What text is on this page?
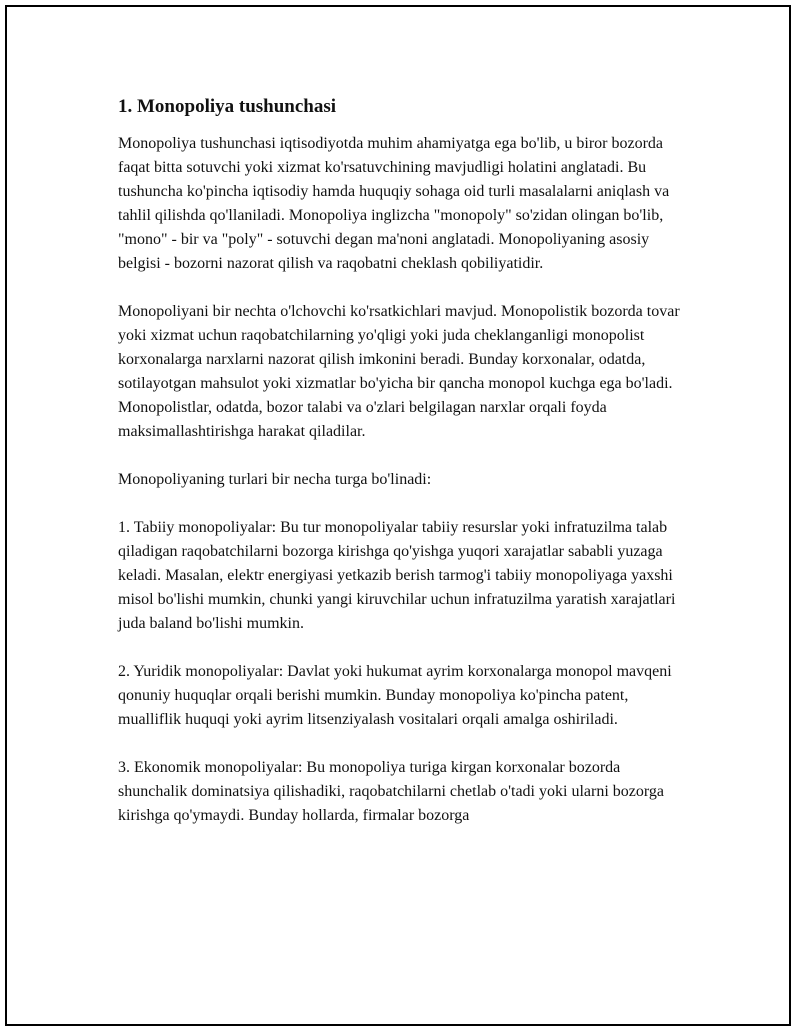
1. Monopoliya tushunchasi

Monopoliya tushunchasi iqtisodiyotda muhim ahamiyatga ega bo'lib, u biror bozorda faqat bitta sotuvchi yoki xizmat ko'rsatuvchining mavjudligi holatini anglatadi. Bu tushuncha ko'pincha iqtisodiy hamda huquqiy sohaga oid turli masalalarni aniqlash va tahlil qilishda qo'llaniladi. Monopoliya inglizcha "monopoly" so'zidan olingan bo'lib, "mono" - bir va "poly" - sotuvchi degan ma'noni anglatadi. Monopoliyaning asosiy belgisi - bozorni nazorat qilish va raqobatni cheklash qobiliyatidir.

Monopoliyani bir nechta o'lchovchi ko'rsatkichlari mavjud. Monopolistik bozorda tovar yoki xizmat uchun raqobatchilarning yo'qligi yoki juda cheklanganligi monopolist korxonalarga narxlarni nazorat qilish imkonini beradi. Bunday korxonalar, odatda, sotilayotgan mahsulot yoki xizmatlar bo'yicha bir qancha monopol kuchga ega bo'ladi. Monopolistlar, odatda, bozor talabi va o'zlari belgilagan narxlar orqali foyda maksimallashtirishga harakat qiladilar.

Monopoliyaning turlari bir necha turga bo'linadi:

1. Tabiiy monopoliyalar: Bu tur monopoliyalar tabiiy resurslar yoki infratuzilma talab qiladigan raqobatchilarni bozorga kirishga qo'yishga yuqori xarajatlar sababli yuzaga keladi. Masalan, elektr energiyasi yetkazib berish tarmog'i tabiiy monopoliyaga yaxshi misol bo'lishi mumkin, chunki yangi kiruvchilar uchun infratuzilma yaratish xarajatlari juda baland bo'lishi mumkin.

2. Yuridik monopoliyalar: Davlat yoki hukumat ayrim korxonalarga monopol mavqeni qonuniy huquqlar orqali berishi mumkin. Bunday monopoliya ko'pincha patent, mualliflik huquqi yoki ayrim litsenziyalash vositalari orqali amalga oshiriladi.

3. Ekonomik monopoliyalar: Bu monopoliya turiga kirgan korxonalar bozorda shunchalik dominatsiya qilishadiki, raqobatchilarni chetlab o'tadi yoki ularni bozorga kirishga qo'ymaydi. Bunday hollarda, firmalar bozorga
